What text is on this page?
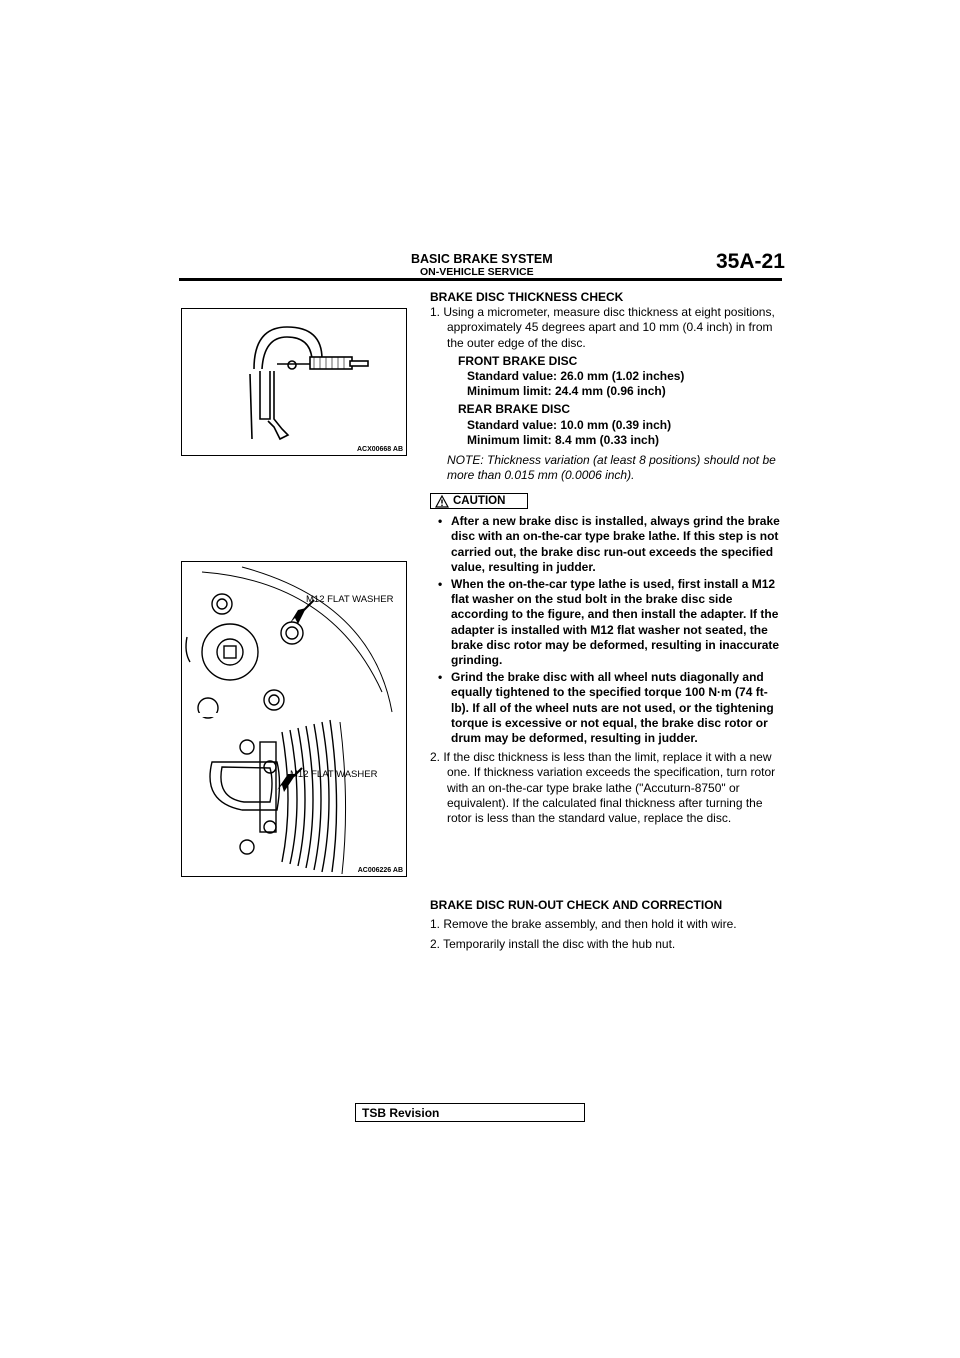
BASIC BRAKE SYSTEM
ON-VEHICLE SERVICE	35A-21
ACX00668 AB
M12 FLAT WASHER
M12 FLAT WASHER
AC006226 AB

BRAKE DISC THICKNESS CHECK

1. Using a micrometer, measure disc thickness at eight positions, approximately 45 degrees apart and 10 mm (0.4 inch) in from the outer edge of the disc.

FRONT BRAKE DISC

Standard value: 26.0 mm (1.02 inches)

Minimum limit: 24.4 mm (0.96 inch)

REAR BRAKE DISC

Standard value: 10.0 mm (0.39 inch)

Minimum limit: 8.4 mm (0.33 inch)

NOTE: Thickness variation (at least 8 positions) should not be more than 0.015 mm (0.0006 inch).

CAUTION

• After a new brake disc is installed, always grind the brake disc with an on-the-car type brake lathe. If this step is not carried out, the brake disc run-out exceeds the specified value, resulting in judder.

• When the on-the-car type lathe is used, first install a M12 flat washer on the stud bolt in the brake disc side according to the figure, and then install the adapter. If the adapter is installed with M12 flat washer not seated, the brake disc rotor may be deformed, resulting in inaccurate grinding.

• Grind the brake disc with all wheel nuts diagonally and equally tightened to the specified torque 100 N·m (74 ft-lb). If all of the wheel nuts are not used, or the tightening torque is excessive or not equal, the brake disc rotor or drum may be deformed, resulting in judder.

2. If the disc thickness is less than the limit, replace it with a new one. If thickness variation exceeds the specification, turn rotor with an on-the-car type brake lathe ("Accuturn-8750" or equivalent). If the calculated final thickness after turning the rotor is less than the standard value, replace the disc.

BRAKE DISC RUN-OUT CHECK AND CORRECTION

1. Remove the brake assembly, and then hold it with wire.

2. Temporarily install the disc with the hub nut.

TSB Revision
